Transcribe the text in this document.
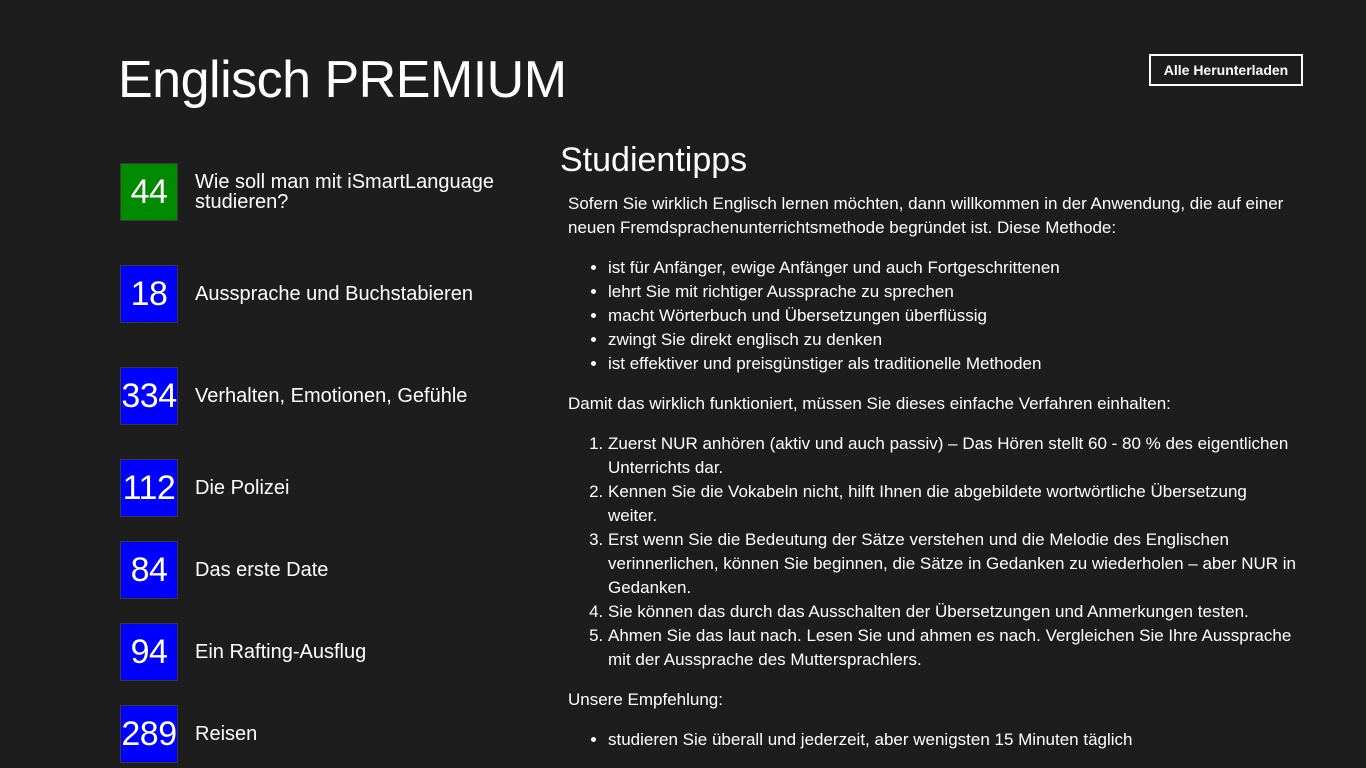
Englisch PREMIUM	Alle Herunterladen
44	Wie soll man mit iSmartLanguage studieren?
18	Aussprache und Buchstabieren
334 Verhalten, Emotionen, Gefühle
112 Die Polizei
84	Das erste Date
94	Ein Rafting-Ausflug
289 Reisen
Studientipps

Sofern Sie wirklich Englisch lernen möchten, dann willkommen in der Anwendung, die auf einer neuen Fremdsprachenunterrichtsmethode begründet ist. Diese Methode:

• ist für Anfänger, ewige Anfänger und auch Fortgeschrittenen
• lehrt Sie mit richtiger Aussprache zu sprechen
• macht Wörterbuch und Übersetzungen überflüssig
• zwingt Sie direkt englisch zu denken
• ist effektiver und preisgünstiger als traditionelle Methoden

Damit das wirklich funktioniert, müssen Sie dieses einfache Verfahren einhalten:

1. Zuerst NUR anhören (aktiv und auch passiv) – Das Hören stellt 60 - 80 % des eigentlichen Unterrichts dar.
2. Kennen Sie die Vokabeln nicht, hilft Ihnen die abgebildete wortwörtliche Übersetzung weiter.
3. Erst wenn Sie die Bedeutung der Sätze verstehen und die Melodie des Englischen verinnerlichen, können Sie beginnen, die Sätze in Gedanken zu wiederholen – aber NUR in Gedanken.
4. Sie können das durch das Ausschalten der Übersetzungen und Anmerkungen testen.
5. Ahmen Sie das laut nach. Lesen Sie und ahmen es nach. Vergleichen Sie Ihre Aussprache mit der Aussprache des Muttersprachlers.

Unsere Empfehlung:

• studieren Sie überall und jederzeit, aber wenigsten 15 Minuten täglich
